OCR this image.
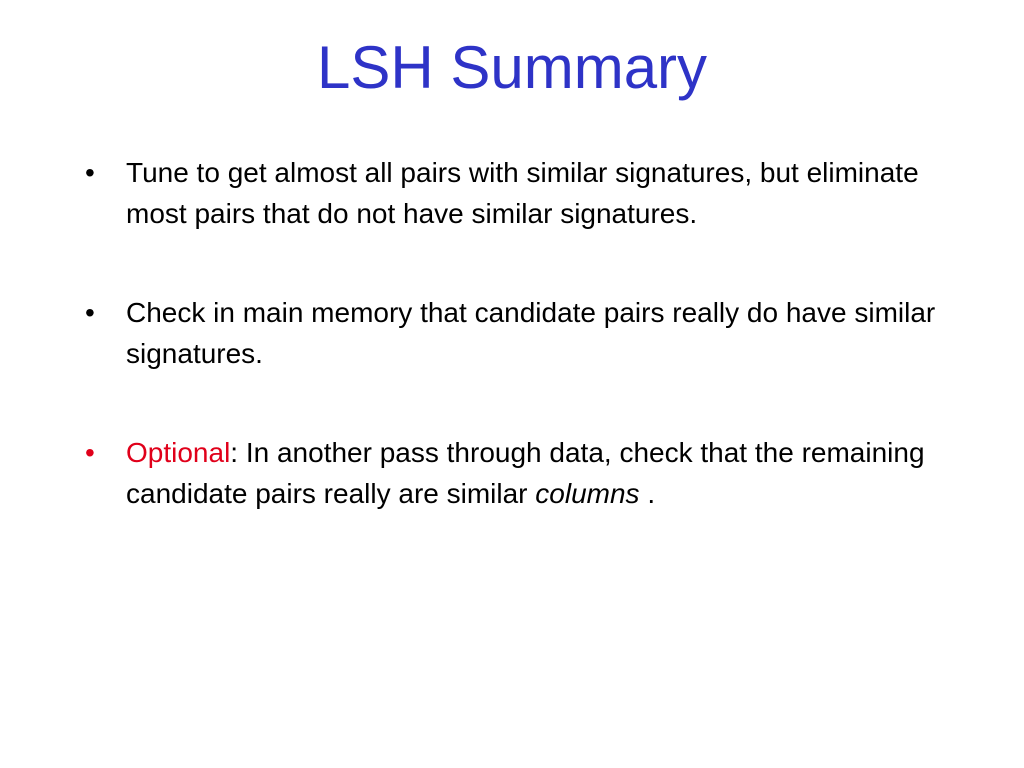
LSH Summary
•	Tune to get almost all pairs with similar signatures, but eliminate most pairs that do not have similar signatures.
•	Check in main memory that candidate pairs really do have similar signatures.
•	Optional: In another pass through data, check that the remaining candidate pairs really are similar columns .
